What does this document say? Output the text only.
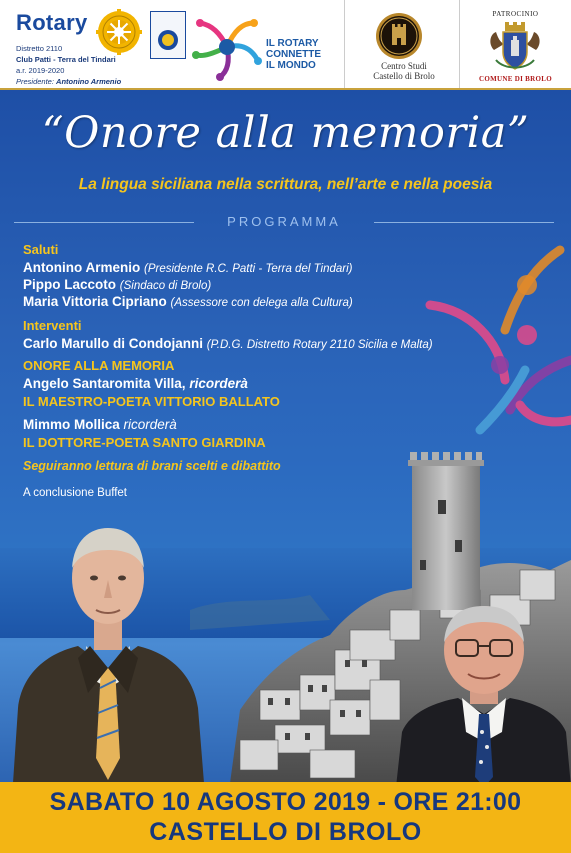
Rotary
Distretto 2110
Club Patti - Terra del Tindari
a.r. 2019-2020
Presidente: Antonino Armenio
IL ROTARY
CONNETTE
IL MONDO	Centro Studi
Castello di Brolo
PATROCINIO
COMUNE DI BROLO
“Onore alla memoria”
La lingua siciliana nella scrittura, nell’arte e nella poesia
PROGRAMMA
Saluti
Antonino Armenio (Presidente R.C. Patti - Terra del Tindari)
Pippo Laccoto (Sindaco di Brolo)
Maria Vittoria Cipriano (Assessore con delega alla Cultura)
Interventi
Carlo Marullo di Condojanni (P.D.G. Distretto Rotary 2110 Sicilia e Malta)
ONORE ALLA MEMORIA
Angelo Santaromita Villa, ricorderà
IL MAESTRO-POETA VITTORIO BALLATO
Mimmo Mollica ricorderà
IL DOTTORE-POETA SANTO GIARDINA
Seguiranno lettura di brani scelti e dibattito
A conclusione Buffet
SABATO 10 AGOSTO 2019 - ORE 21:00
CASTELLO DI BROLO
